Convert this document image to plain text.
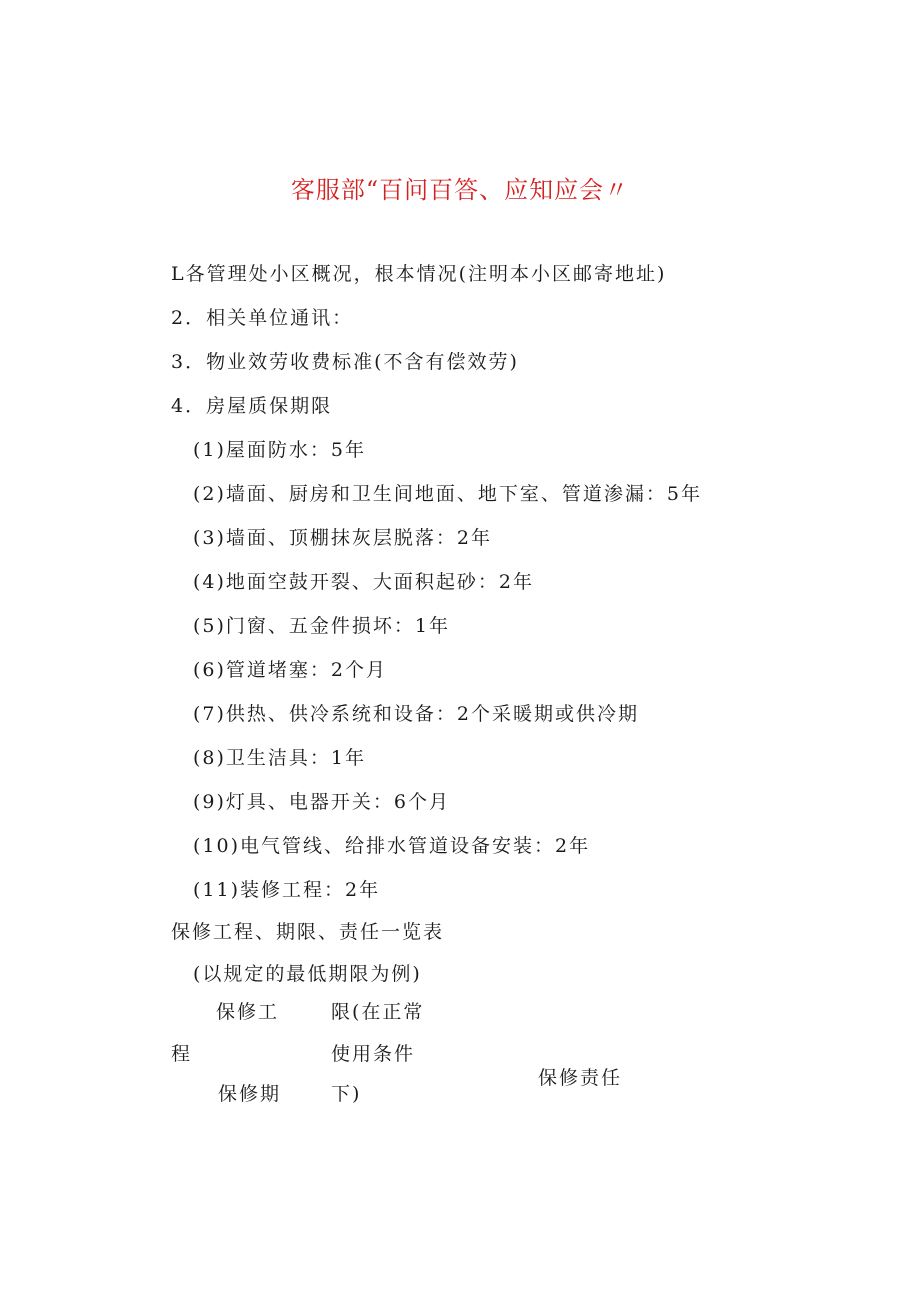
客服部“百问百答、应知应会〃
L各管理处小区概况，根本情况(注明本小区邮寄地址)
2．相关单位通讯：
3．物业效劳收费标准(不含有偿效劳)
4．房屋质保期限
(1)屋面防水：5年
(2)墙面、厨房和卫生间地面、地下室、管道渗漏：5年
(3)墙面、顶棚抹灰层脱落：2年
(4)地面空鼓开裂、大面积起砂：2年
(5)门窗、五金件损坏：1年
(6)管道堵塞：2个月
(7)供热、供冷系统和设备：2个采暖期或供冷期
(8)卫生洁具：1年
(9)灯具、电器开关：6个月
(10)电气管线、给排水管道设备安装：2年
(11)装修工程：2年
保修工程、期限、责任一览表
(以规定的最低期限为例)
保修工
程
保修期
限(在正常
使用条件
下)
保修责任
